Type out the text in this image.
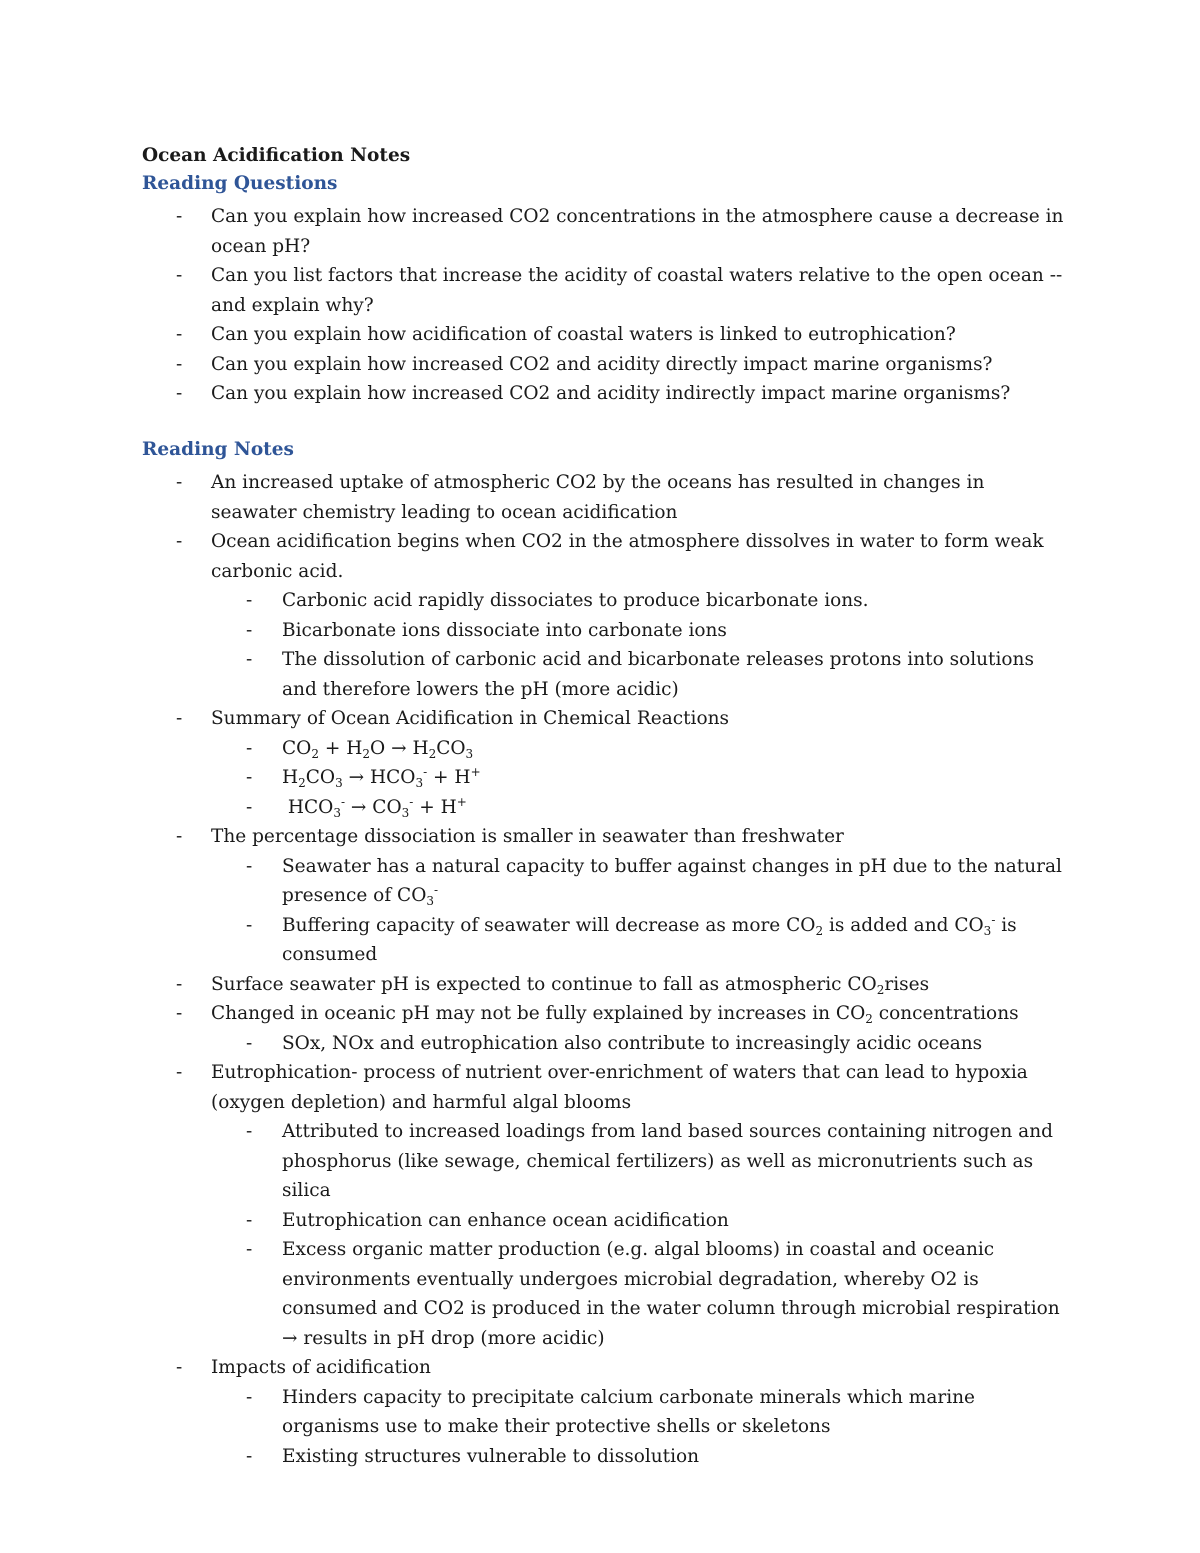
Ocean Acidification Notes
Reading Questions
- Can you explain how increased CO2 concentrations in the atmosphere cause a decrease in ocean pH?
- Can you list factors that increase the acidity of coastal waters relative to the open ocean -- and explain why?
- Can you explain how acidification of coastal waters is linked to eutrophication?
- Can you explain how increased CO2 and acidity directly impact marine organisms?
- Can you explain how increased CO2 and acidity indirectly impact marine organisms?
Reading Notes
- An increased uptake of atmospheric CO2 by the oceans has resulted in changes in seawater chemistry leading to ocean acidification
- Ocean acidification begins when CO2 in the atmosphere dissolves in water to form weak carbonic acid.
- Carbonic acid rapidly dissociates to produce bicarbonate ions.
- Bicarbonate ions dissociate into carbonate ions
- The dissolution of carbonic acid and bicarbonate releases protons into solutions and therefore lowers the pH (more acidic)
- Summary of Ocean Acidification in Chemical Reactions
- $CO_2 + H_2O \to H_2CO_3$
- $H_2CO_3 \to HCO_3^- + H^+$
- $HCO_3^- \to CO_3^- + H^+$
- The percentage dissociation is smaller in seawater than freshwater
- Seawater has a natural capacity to buffer against changes in pH due to the natural presence of $CO_3^-$
- Buffering capacity of seawater will decrease as more $CO_2$ is added and $CO_3^-$ is consumed
- Surface seawater pH is expected to continue to fall as atmospheric $CO_2rises$
- Changed in oceanic pH may not be fully explained by increases in $CO_2$ concentrations
- SOx, NOx and eutrophication also contribute to increasingly acidic oceans
- Eutrophication- process of nutrient over-enrichment of waters that can lead to hypoxia (oxygen depletion) and harmful algal blooms
- Attributed to increased loadings from land based sources containing nitrogen and phosphorus (like sewage, chemical fertilizers) as well as micronutrients such as silica
- Eutrophication can enhance ocean acidification
- Excess organic matter production (e.g. algal blooms) in coastal and oceanic environments eventually undergoes microbial degradation, whereby O2 is consumed and CO2 is produced in the water column through microbial respiration → results in pH drop (more acidic)
- Impacts of acidification
- Hinders capacity to precipitate calcium carbonate minerals which marine organisms use to make their protective shells or skeletons
- Existing structures vulnerable to dissolution
